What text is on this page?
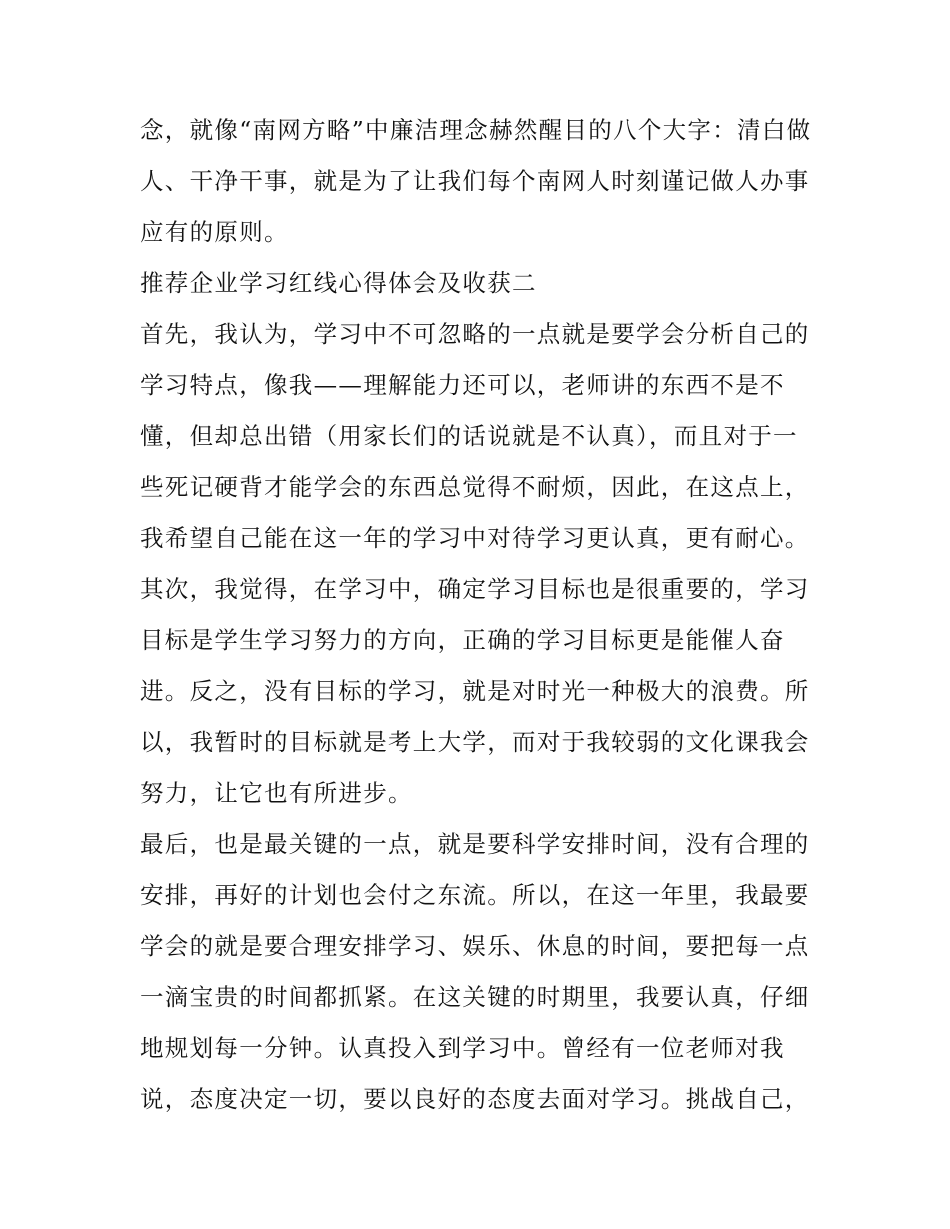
念，就像“南网方略”中廉洁理念赫然醒目的八个大字：清白做
人、干净干事，就是为了让我们每个南网人时刻谨记做人办事
应有的原则。
推荐企业学习红线心得体会及收获二
首先，我认为，学习中不可忽略的一点就是要学会分析自己的
学习特点，像我——理解能力还可以，老师讲的东西不是不
懂，但却总出错（用家长们的话说就是不认真），而且对于一
些死记硬背才能学会的东西总觉得不耐烦，因此，在这点上，
我希望自己能在这一年的学习中对待学习更认真，更有耐心。
其次，我觉得，在学习中，确定学习目标也是很重要的，学习
目标是学生学习努力的方向，正确的学习目标更是能催人奋
进。反之，没有目标的学习，就是对时光一种极大的浪费。所
以，我暂时的目标就是考上大学，而对于我较弱的文化课我会
努力，让它也有所进步。
最后，也是最关键的一点，就是要科学安排时间，没有合理的
安排，再好的计划也会付之东流。所以，在这一年里，我最要
学会的就是要合理安排学习、娱乐、休息的时间，要把每一点
一滴宝贵的时间都抓紧。在这关键的时期里，我要认真，仔细
地规划每一分钟。认真投入到学习中。曾经有一位老师对我
说，态度决定一切，要以良好的态度去面对学习。挑战自己，
